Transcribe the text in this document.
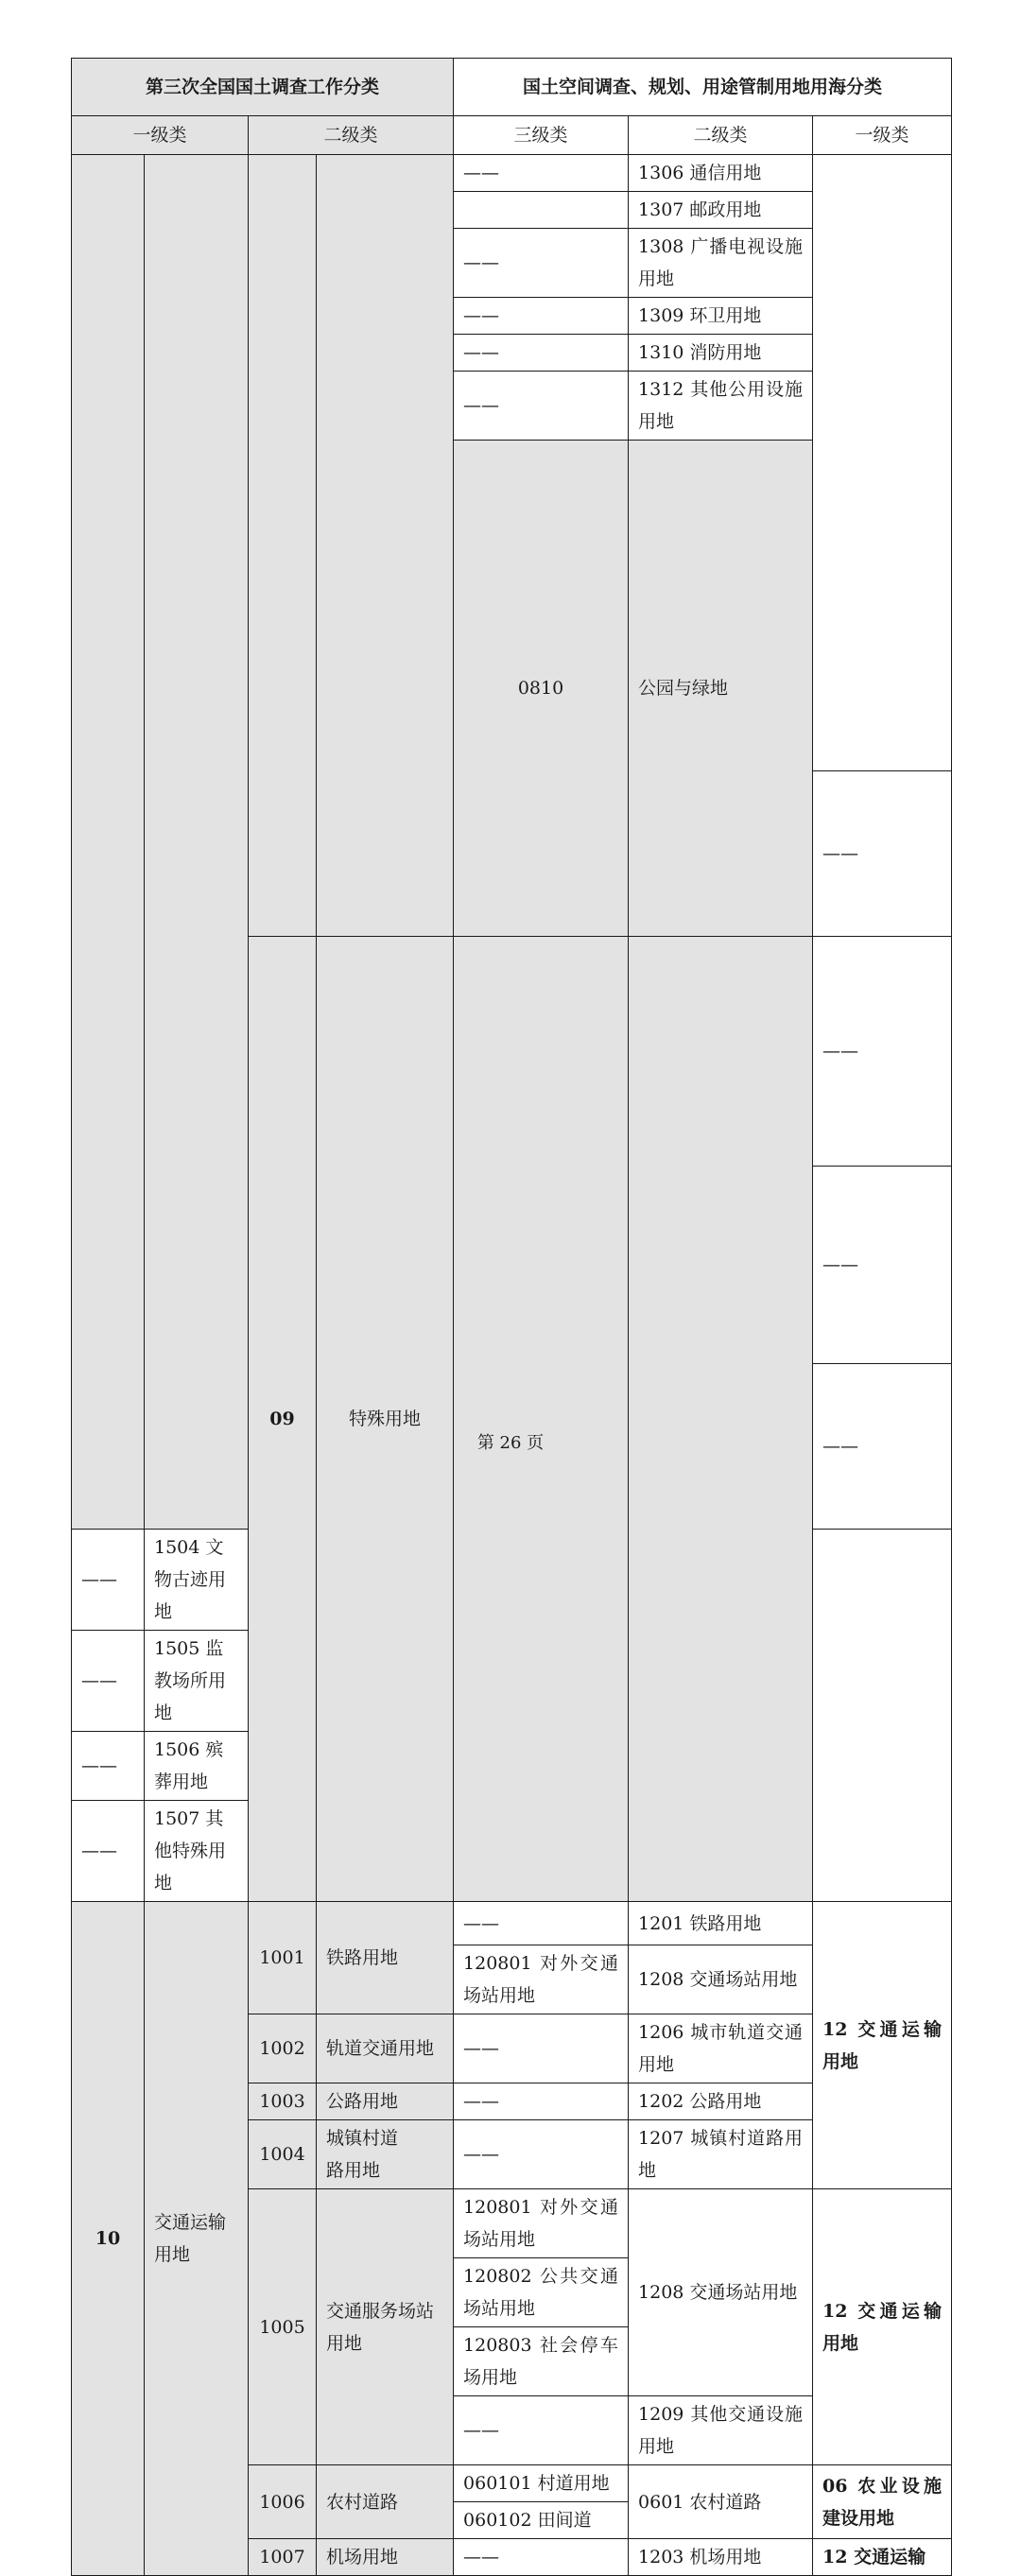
第三次全国国土调查工作分类				国土空间调查、规划、用途管制用地用海分类			
一级类		二级类		三级类	二级类	一级类	
				——	1306 通信用地		
					1307 邮政用地		
				——	1308 广播电视设施用地		
				——	1309 环卫用地		
				——	1310 消防用地		
				——	1312 其他公用设施用地		
				0810	公园与绿地			

						——	
		09	特殊用地			——		
						——	
						——	
——	1504 文物古迹用地						
——	1505 监教场所用地						
——	1506 殡葬用地						
——	1507 其他特殊用地						
10	交通运输用地	1001	铁路用地	——	1201 铁路用地	12 交通运输用地	
				120801 对外交通场站用地	1208 交通场站用地		
		1002	轨道交通用地	——	1206 城市轨道交通用地		
		1003	公路用地	——	1202 公路用地		
		1004	城镇村道路用地	——	1207 城镇村道路用地		
		1005	交通服务场站用地	120801 对外交通场站用地	1208 交通场站用地	12 交通运输用地	
				120802 公共交通场站用地			
				120803 社会停车场用地			
				——	1209 其他交通设施用地		
		1006	农村道路	060101 村道用地	0601 农村道路	06 农业设施建设用地	
				060102 田间道			
		1007	机场用地	——	1203 机场用地	12 交通运输	
第 26 页
